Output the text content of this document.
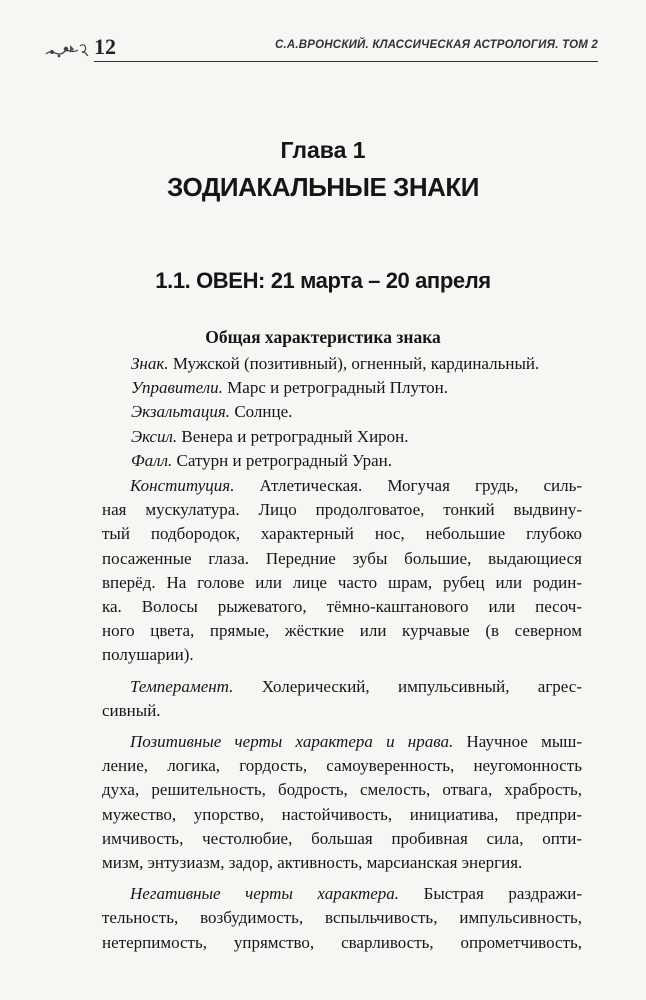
12	С.А.ВРОНСКИЙ. КЛАССИЧЕСКАЯ АСТРОЛОГИЯ. ТОМ 2
Глава 1
ЗОДИАКАЛЬНЫЕ ЗНАКИ
1.1. ОВЕН: 21 марта – 20 апреля
Общая характеристика знака
Знак. Мужской (позитивный), огненный, кардинальный.
Управители. Марс и ретроградный Плутон.
Экзальтация. Солнце.
Эксил. Венера и ретроградный Хирон.
Фалл. Сатурн и ретроградный Уран.
Конституция. Атлетическая. Могучая грудь, силь-
ная мускулатура. Лицо продолговатое, тонкий выдвину-
тый подбородок, характерный нос, небольшие глубоко
посаженные глаза. Передние зубы большие, выдающиеся
вперёд. На голове или лице часто шрам, рубец или родин-
ка. Волосы рыжеватого, тёмно-каштанового или песоч-
ного цвета, прямые, жёсткие или курчавые (в северном
полушарии).
Темперамент. Холерический, импульсивный, агрес-
сивный.
Позитивные черты характера и нрава. Научное мыш-
ление, логика, гордость, самоуверенность, неугомонность
духа, решительность, бодрость, смелость, отвага, храбрость,
мужество, упорство, настойчивость, инициатива, предпри-
имчивость, честолюбие, большая пробивная сила, опти-
мизм, энтузиазм, задор, активность, марсианская энергия.
Негативные черты характера. Быстрая раздражи-
тельность, возбудимость, вспыльчивость, импульсивность,
нетерпимость, упрямство, сварливость, опрометчивость,
